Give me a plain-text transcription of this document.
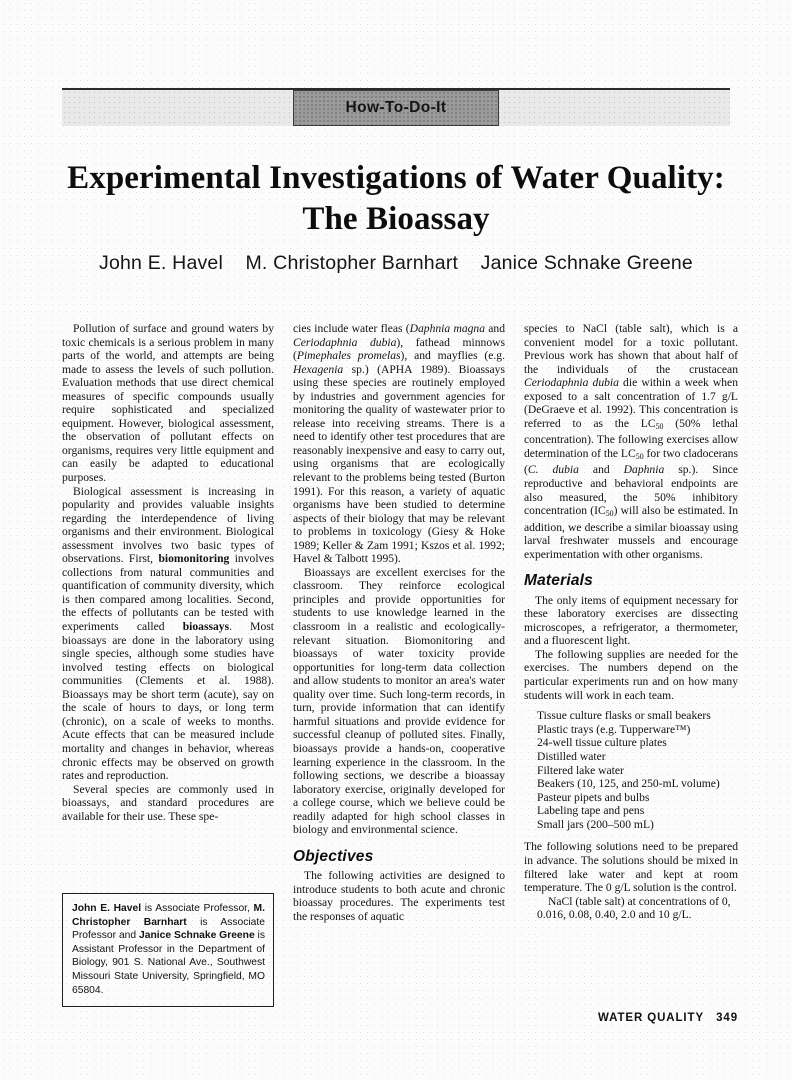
How-To-Do-It
Experimental Investigations of Water Quality: The Bioassay
John E. Havel    M. Christopher Barnhart    Janice Schnake Greene

Pollution of surface and ground waters by toxic chemicals is a serious problem in many parts of the world, and attempts are being made to assess the levels of such pollution. Evaluation methods that use direct chemical measures of specific compounds usually require sophisticated and specialized equipment. However, biological assessment, the observation of pollutant effects on organisms, requires very little equipment and can easily be adapted to educational purposes.

Biological assessment is increasing in popularity and provides valuable insights regarding the interdependence of living organisms and their environment. Biological assessment involves two basic types of observations. First, biomonitoring involves collections from natural communities and quantification of community diversity, which is then compared among localities. Second, the effects of pollutants can be tested with experiments called bioassays. Most bioassays are done in the laboratory using single species, although some studies have involved testing effects on biological communities (Clements et al. 1988). Bioassays may be short term (acute), say on the scale of hours to days, or long term (chronic), on a scale of weeks to months. Acute effects that can be measured include mortality and changes in behavior, whereas chronic effects may be observed on growth rates and reproduction.

Several species are commonly used in bioassays, and standard procedures are available for their use. These spe-

cies include water fleas (Daphnia magna and Ceriodaphnia dubia), fathead minnows (Pimephales promelas), and mayflies (e.g. Hexagenia sp.) (APHA 1989). Bioassays using these species are routinely employed by industries and government agencies for monitoring the quality of wastewater prior to release into receiving streams. There is a need to identify other test procedures that are reasonably inexpensive and easy to carry out, using organisms that are ecologically relevant to the problems being tested (Burton 1991). For this reason, a variety of aquatic organisms have been studied to determine aspects of their biology that may be relevant to problems in toxicology (Giesy & Hoke 1989; Keller & Zam 1991; Kszos et al. 1992; Havel & Talbott 1995).

Bioassays are excellent exercises for the classroom. They reinforce ecological principles and provide opportunities for students to use knowledge learned in the classroom in a realistic and ecologically-relevant situation. Biomonitoring and bioassays of water toxicity provide opportunities for long-term data collection and allow students to monitor an area's water quality over time. Such long-term records, in turn, provide information that can identify harmful situations and provide evidence for successful cleanup of polluted sites. Finally, bioassays provide a hands-on, cooperative learning experience in the classroom. In the following sections, we describe a bioassay laboratory exercise, originally developed for a college course, which we believe could be readily adapted for high school classes in biology and environmental science.

Objectives

The following activities are designed to introduce students to both acute and chronic bioassay procedures. The experiments test the responses of aquatic

species to NaCl (table salt), which is a convenient model for a toxic pollutant. Previous work has shown that about half of the individuals of the crustacean Ceriodaphnia dubia die within a week when exposed to a salt concentration of 1.7 g/L (DeGraeve et al. 1992). This concentration is referred to as the $LC_{50}$ (50% lethal concentration). The following exercises allow determination of the $LC_{50}$ for two cladocerans (C. dubia and Daphnia sp.). Since reproductive and behavioral endpoints are also measured, the 50% inhibitory concentration $(IC_{50})$ will also be estimated. In addition, we describe a similar bioassay using larval freshwater mussels and encourage experimentation with other organisms.

Materials

The only items of equipment necessary for these laboratory exercises are dissecting microscopes, a refrigerator, a thermometer, and a fluorescent light.

The following supplies are needed for the exercises. The numbers depend on the particular experiments run and on how many students will work in each team.

Tissue culture flasks or small beakers
Plastic trays (e.g. Tupperware™)
24-well tissue culture plates
Distilled water
Filtered lake water
Beakers (10, 125, and 250-mL volume)
Pasteur pipets and bulbs
Labeling tape and pens
Small jars (200–500 mL)

The following solutions need to be prepared in advance. The solutions should be mixed in filtered lake water and kept at room temperature. The 0 g/L solution is the control.

NaCl (table salt) at concentrations of 0, 0.016, 0.08, 0.40, 2.0 and 10 g/L.

John E. Havel is Associate Professor, M. Christopher Barnhart is Associate Professor and Janice Schnake Greene is Assistant Professor in the Department of Biology, 901 S. National Ave., Southwest Missouri State University, Springfield, MO 65804.
WATER QUALITY   349
